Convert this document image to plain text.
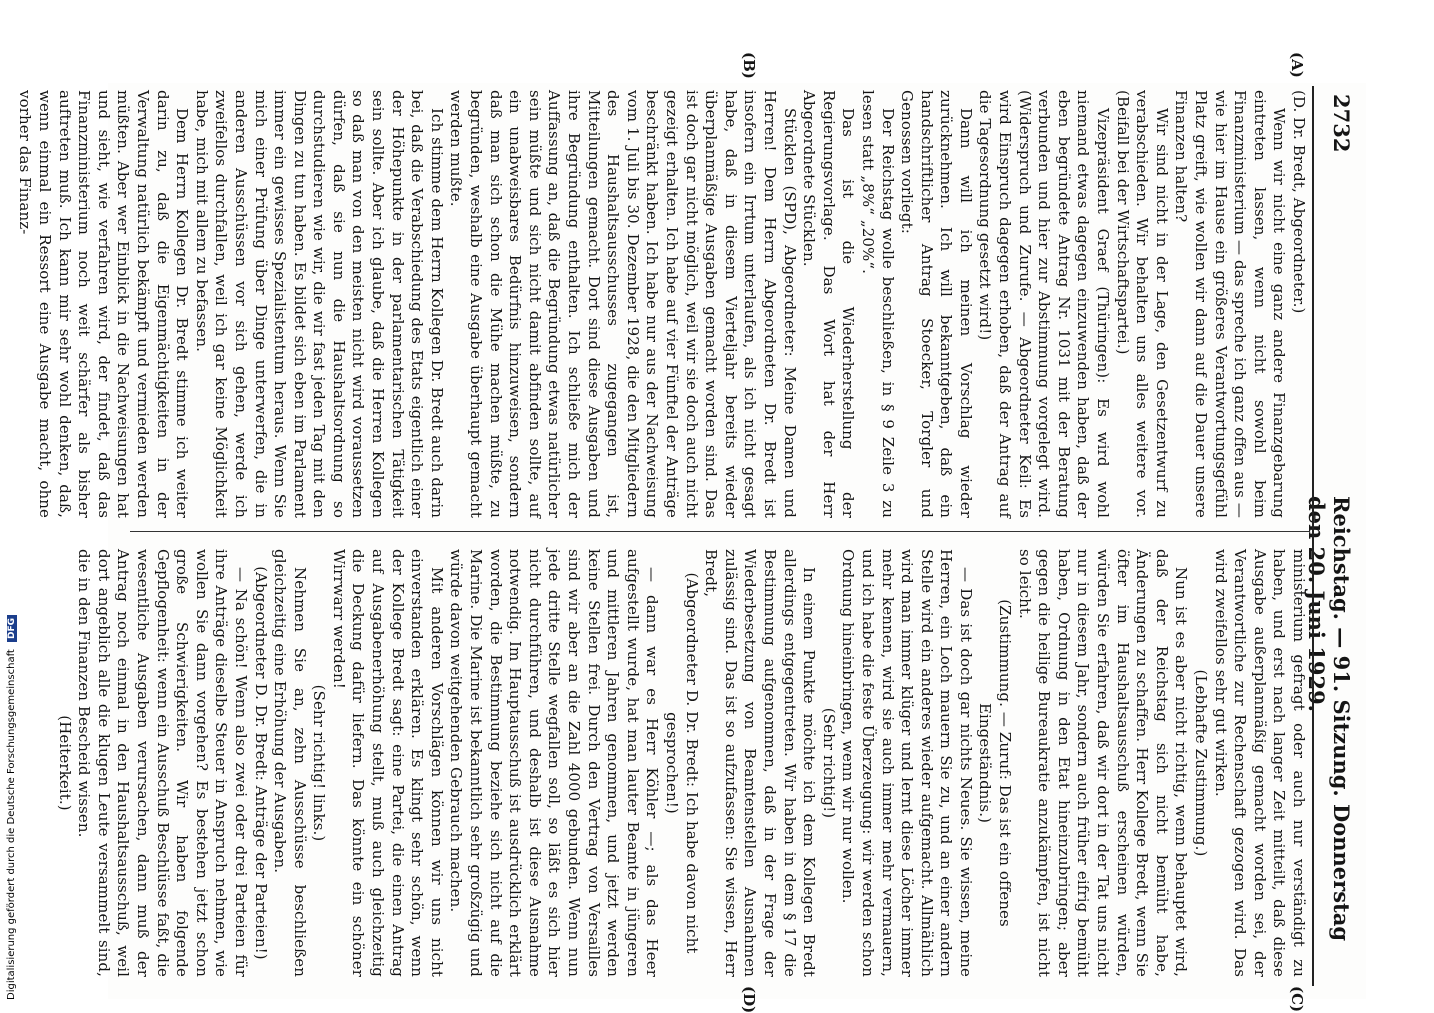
2732
Reichstag. — 91. Sitzung. Donnerstag den 20. Juni 1929.
(A)
(B)
(C)
(D)

(D. Dr. Bredt, Abgeordneter.)

Wenn wir nicht eine ganz andere Finanzgebarung eintreten lassen, wenn nicht sowohl beim Finanzministerium — das spreche ich ganz offen aus — wie hier im Hause ein größeres Verantwortungsgefühl Platz greift, wie wollen wir dann auf die Dauer unsere Finanzen halten?

Wir sind nicht in der Lage, den Gesetzentwurf zu verabschieden. Wir behalten uns alles weitere vor. (Beifall bei der Wirtschaftspartei.)

Vizepräsident Graef (Thüringen): Es wird wohl niemand etwas dagegen einzuwenden haben, daß der eben begründete Antrag Nr. 1031 mit der Beratung verbunden und hier zur Abstimmung vorgelegt wird. (Widerspruch und Zurufe. — Abgeordneter Keil: Es wird Einspruch dagegen erhoben, daß der Antrag auf die Tagesordnung gesetzt wird!)

Dann will ich meinen Vorschlag wieder zurücknehmen. Ich will bekanntgeben, daß ein handschriftlicher Antrag Stoecker, Torgler und Genossen vorliegt:

Der Reichstag wolle beschließen, in § 9 Zeile 3 zu lesen statt „8%“ „20%“.

Das ist die Wiederherstellung der Regierungsvorlage. Das Wort hat der Herr Abgeordnete Stücklen.

Stücklen (SPD), Abgeordneter: Meine Damen und Herren! Dem Herrn Abgeordneten Dr. Bredt ist insofern ein Irrtum unterlaufen, als ich nicht gesagt habe, daß in diesem Vierteljahr bereits wieder überplanmäßige Ausgaben gemacht worden sind. Das ist doch gar nicht möglich, weil wir sie doch auch nicht gezeigt erhalten. Ich habe auf vier Fünftel der Anträge beschränkt haben. Ich habe nur aus der Nachweisung vom 1. Juli bis 30. Dezember 1928, die den Mitgliedern des Haushaltsausschusses zugegangen ist, Mitteilungen gemacht. Dort sind diese Ausgaben und ihre Begründung enthalten. Ich schließe mich der Auffassung an, daß die Begründung etwas natürlicher sein müßte und sich nicht damit abfinden sollte, auf ein unabweisbares Bedürfnis hinzuweisen, sondern daß man sich schon die Mühe machen müßte, zu begründen, weshalb eine Ausgabe überhaupt gemacht werden mußte.

Ich stimme dem Herrn Kollegen Dr. Bredt auch darin bei, daß die Verabschiedung des Etats eigentlich einer der Höhepunkte in der parlamentarischen Tätigkeit sein sollte. Aber ich glaube, daß die Herren Kollegen so daß man von den meisten nicht wird voraussetzen dürfen, daß sie nun die Haushaltsordnung so durchstudieren wie wir, die wir fast jeden Tag mit den Dingen zu tun haben. Es bildet sich eben im Parlament immer ein gewisses Spezialistentum heraus. Wenn Sie mich einer Prüfung über Dinge unterwerfen, die in anderen Ausschüssen vor sich gehen, werde ich zweifellos durchfallen, weil ich gar keine Möglichkeit habe, mich mit allem zu befassen.

Dem Herrn Kollegen Dr. Bredt stimme ich weiter darin zu, daß die Eigenmächtigkeiten in der Verwaltung natürlich bekämpft und vermieden werden müßten. Aber wer Einblick in die Nachweisungen hat und sieht, wie verfahren wird, der findet, daß das Finanzministerium noch weit schärfer als bisher auftreten muß. Ich kann mir sehr wohl denken, daß, wenn einmal ein Ressort eine Ausgabe macht, ohne vorher das Finanz-

ministerium gefragt oder auch nur verständigt zu haben, und erst nach langer Zeit mitteilt, daß diese Ausgabe außerplanmäßig gemacht worden sei, der Verantwortliche zur Rechenschaft gezogen wird. Das wird zweifellos sehr gut wirken.

(Lebhafte Zustimmung.)

Nun ist es aber nicht richtig, wenn behauptet wird, daß der Reichstag sich nicht bemüht habe, Änderungen zu schaffen. Herr Kollege Bredt, wenn Sie öfter im Haushaltsausschuß erscheinen würden, würden Sie erfahren, daß wir dort in der Tat uns nicht nur in diesem Jahr, sondern auch früher eifrig bemüht haben, Ordnung in den Etat hineinzubringen; aber gegen die heilige Bureaukratie anzukämpfen, ist nicht so leicht.

(Zustimmung. — Zuruf: Das ist ein offenes Eingeständnis.)

— Das ist doch gar nichts Neues. Sie wissen, meine Herren, ein Loch mauern Sie zu, und an einer andern Stelle wird ein anderes wieder aufgemacht. Allmählich wird man immer klüger und lernt diese Löcher immer mehr kennen, wird sie auch immer mehr vermauern, und ich habe die feste Überzeugung: wir werden schon Ordnung hineinbringen, wenn wir nur wollen.

(Sehr richtig!)

In einem Punkte möchte ich dem Kollegen Bredt allerdings entgegentreten. Wir haben in dem § 17 die Bestimmung aufgenommen, daß in der Frage der Wiederbesetzung von Beamtenstellen Ausnahmen zulässig sind. Das ist so aufzufassen: Sie wissen, Herr Bredt,

(Abgeordneter D. Dr. Bredt: Ich habe davon nicht gesprochen!)

— dann war es Herr Köhler —; als das Heer aufgestellt wurde, hat man lauter Beamte in jüngeren und mittleren Jahren genommen, und jetzt werden keine Stellen frei. Durch den Vertrag von Versailles sind wir aber an die Zahl 4000 gebunden. Wenn nun jede dritte Stelle wegfallen soll, so läßt es sich hier nicht durchführen, und deshalb ist diese Ausnahme notwendig. Im Hauptausschuß ist ausdrücklich erklärt worden, die Bestimmung beziehe sich nicht auf die Marine. Die Marine ist bekanntlich sehr großzügig und würde davon weitgehenden Gebrauch machen.

Mit anderen Vorschlägen können wir uns nicht einverstanden erklären. Es klingt sehr schön, wenn der Kollege Bredt sagt: eine Partei, die einen Antrag auf Ausgabenerhöhung stellt, muß auch gleichzeitig die Deckung dafür liefern. Das könnte ein schöner Wirrwarr werden!

(Sehr richtig! links.)

Nehmen Sie an, zehn Ausschüsse beschließen gleichzeitig eine Erhöhung der Ausgaben.

(Abgeordneter D. Dr. Bredt: Anträge der Parteien!)

— Na schön! Wenn also zwei oder drei Parteien für ihre Anträge dieselbe Steuer in Anspruch nehmen, wie wollen Sie dann vorgehen? Es bestehen jetzt schon große Schwierigkeiten. Wir haben folgende Gepflogenheit: wenn ein Ausschuß Beschlüsse faßt, die wesentliche Ausgaben verursachen, dann muß der Antrag noch einmal in den Haushaltsausschuß, weil dort angeblich alle die klugen Leute versammelt sind, die in den Finanzen Bescheid wissen.

(Heiterkeit.)

Digitalisierung gefördert durch die Deutsche Forschungsgemeinschaft DFG
